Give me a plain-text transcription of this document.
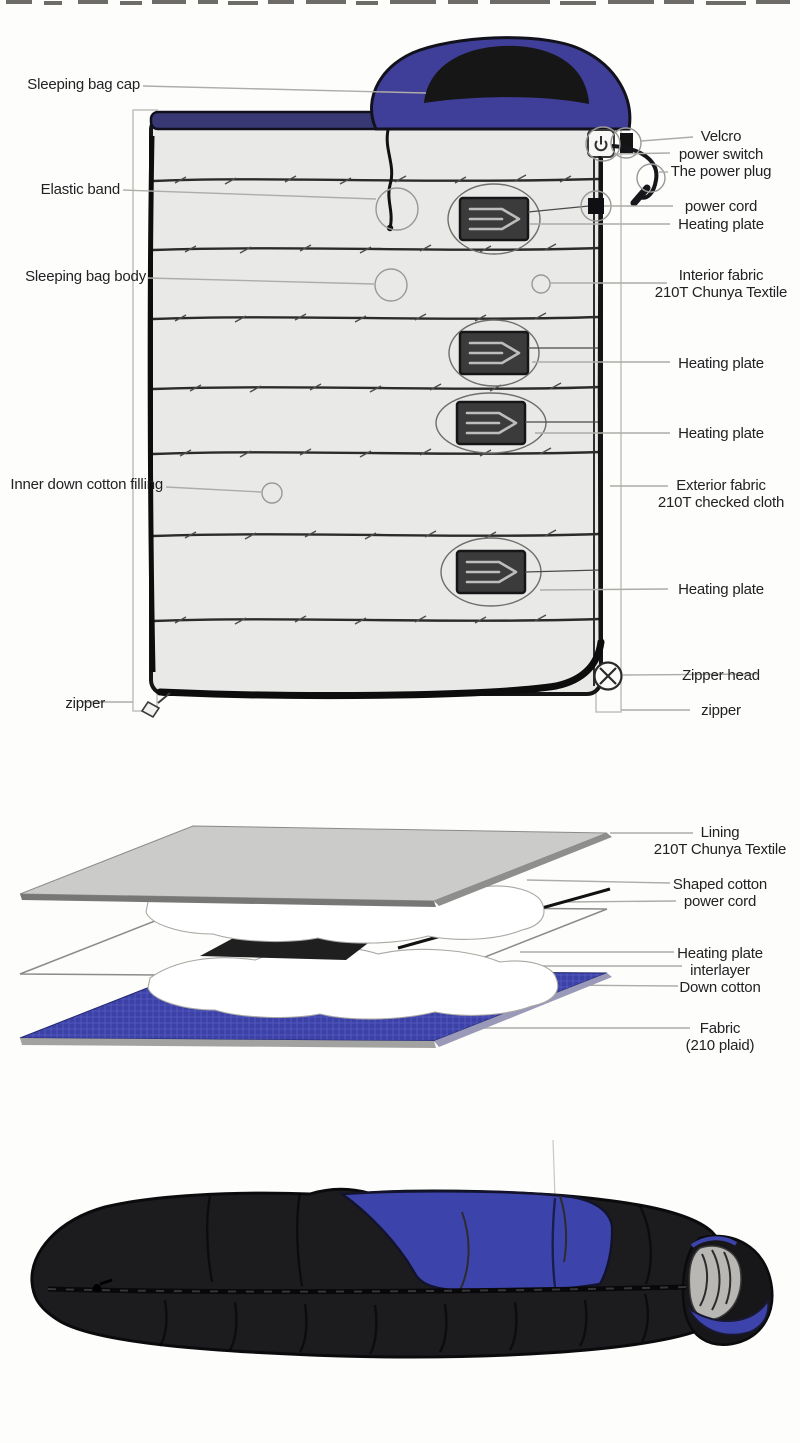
Sleeping bag cap
Elastic band
Sleeping bag body
Inner down cotton filling
zipper
Velcro
power switch
The power plug
power cord
Heating plate
Interior fabric
210T Chunya Textile
Heating plate
Heating plate
Exterior fabric
210T checked cloth
Heating plate
Zipper head
zipper
Lining
210T Chunya Textile
Shaped cotton
power cord
Heating plate
interlayer
Down cotton
Fabric
(210 plaid)
